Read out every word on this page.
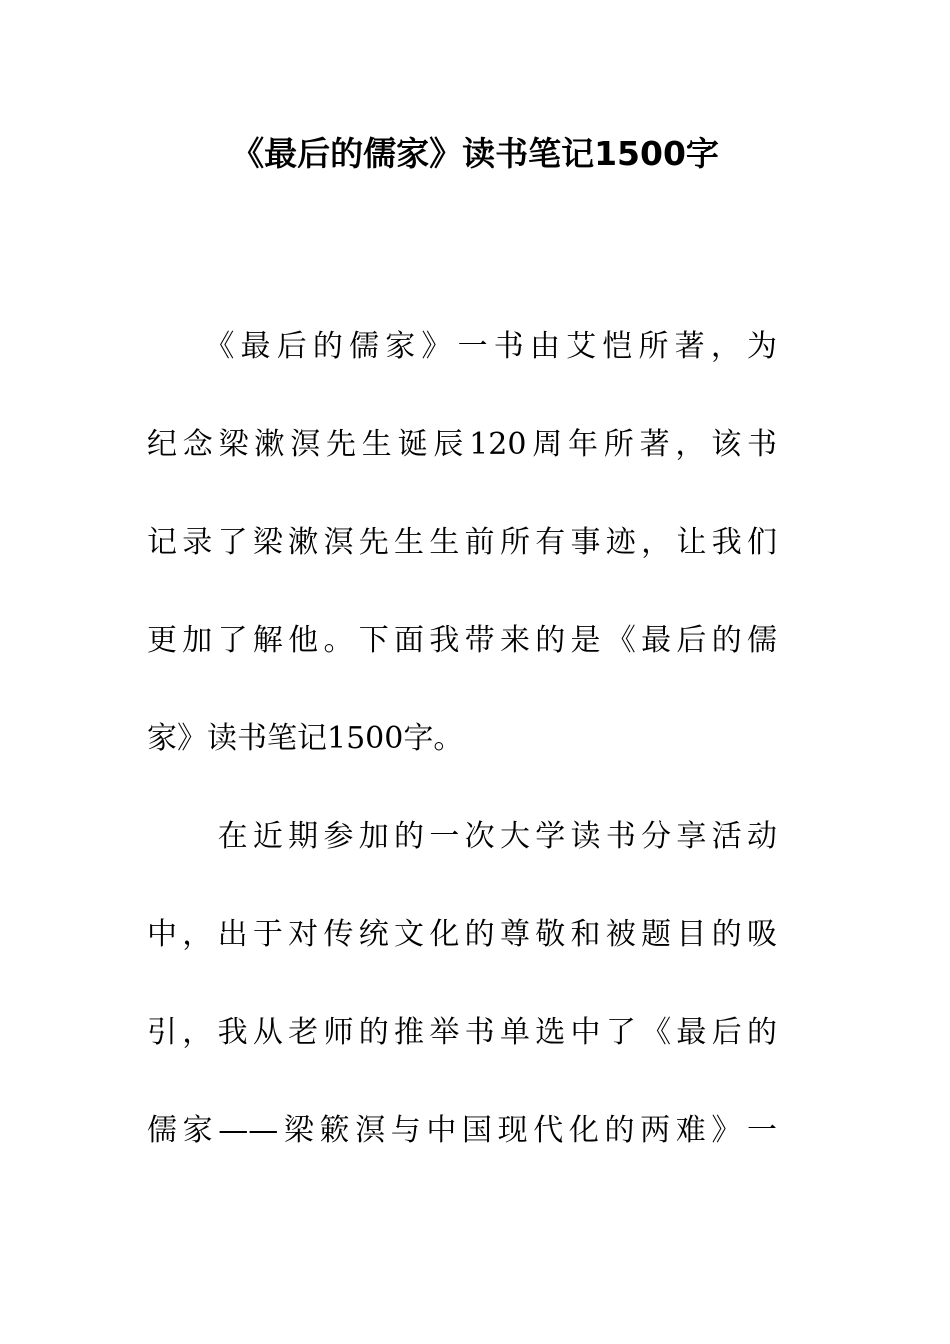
《最后的儒家》读书笔记1500字
　　《最后的儒家》一书由艾恺所著，为
纪念梁漱溟先生诞辰120周年所著，该书
记录了梁漱溟先生生前所有事迹，让我们
更加了解他。下面我带来的是《最后的儒
家》读书笔记1500字。
　　在近期参加的一次大学读书分享活动
中，出于对传统文化的尊敬和被题目的吸
引，我从老师的推举书单选中了《最后的
儒家——梁簌溟与中国现代化的两难》一
